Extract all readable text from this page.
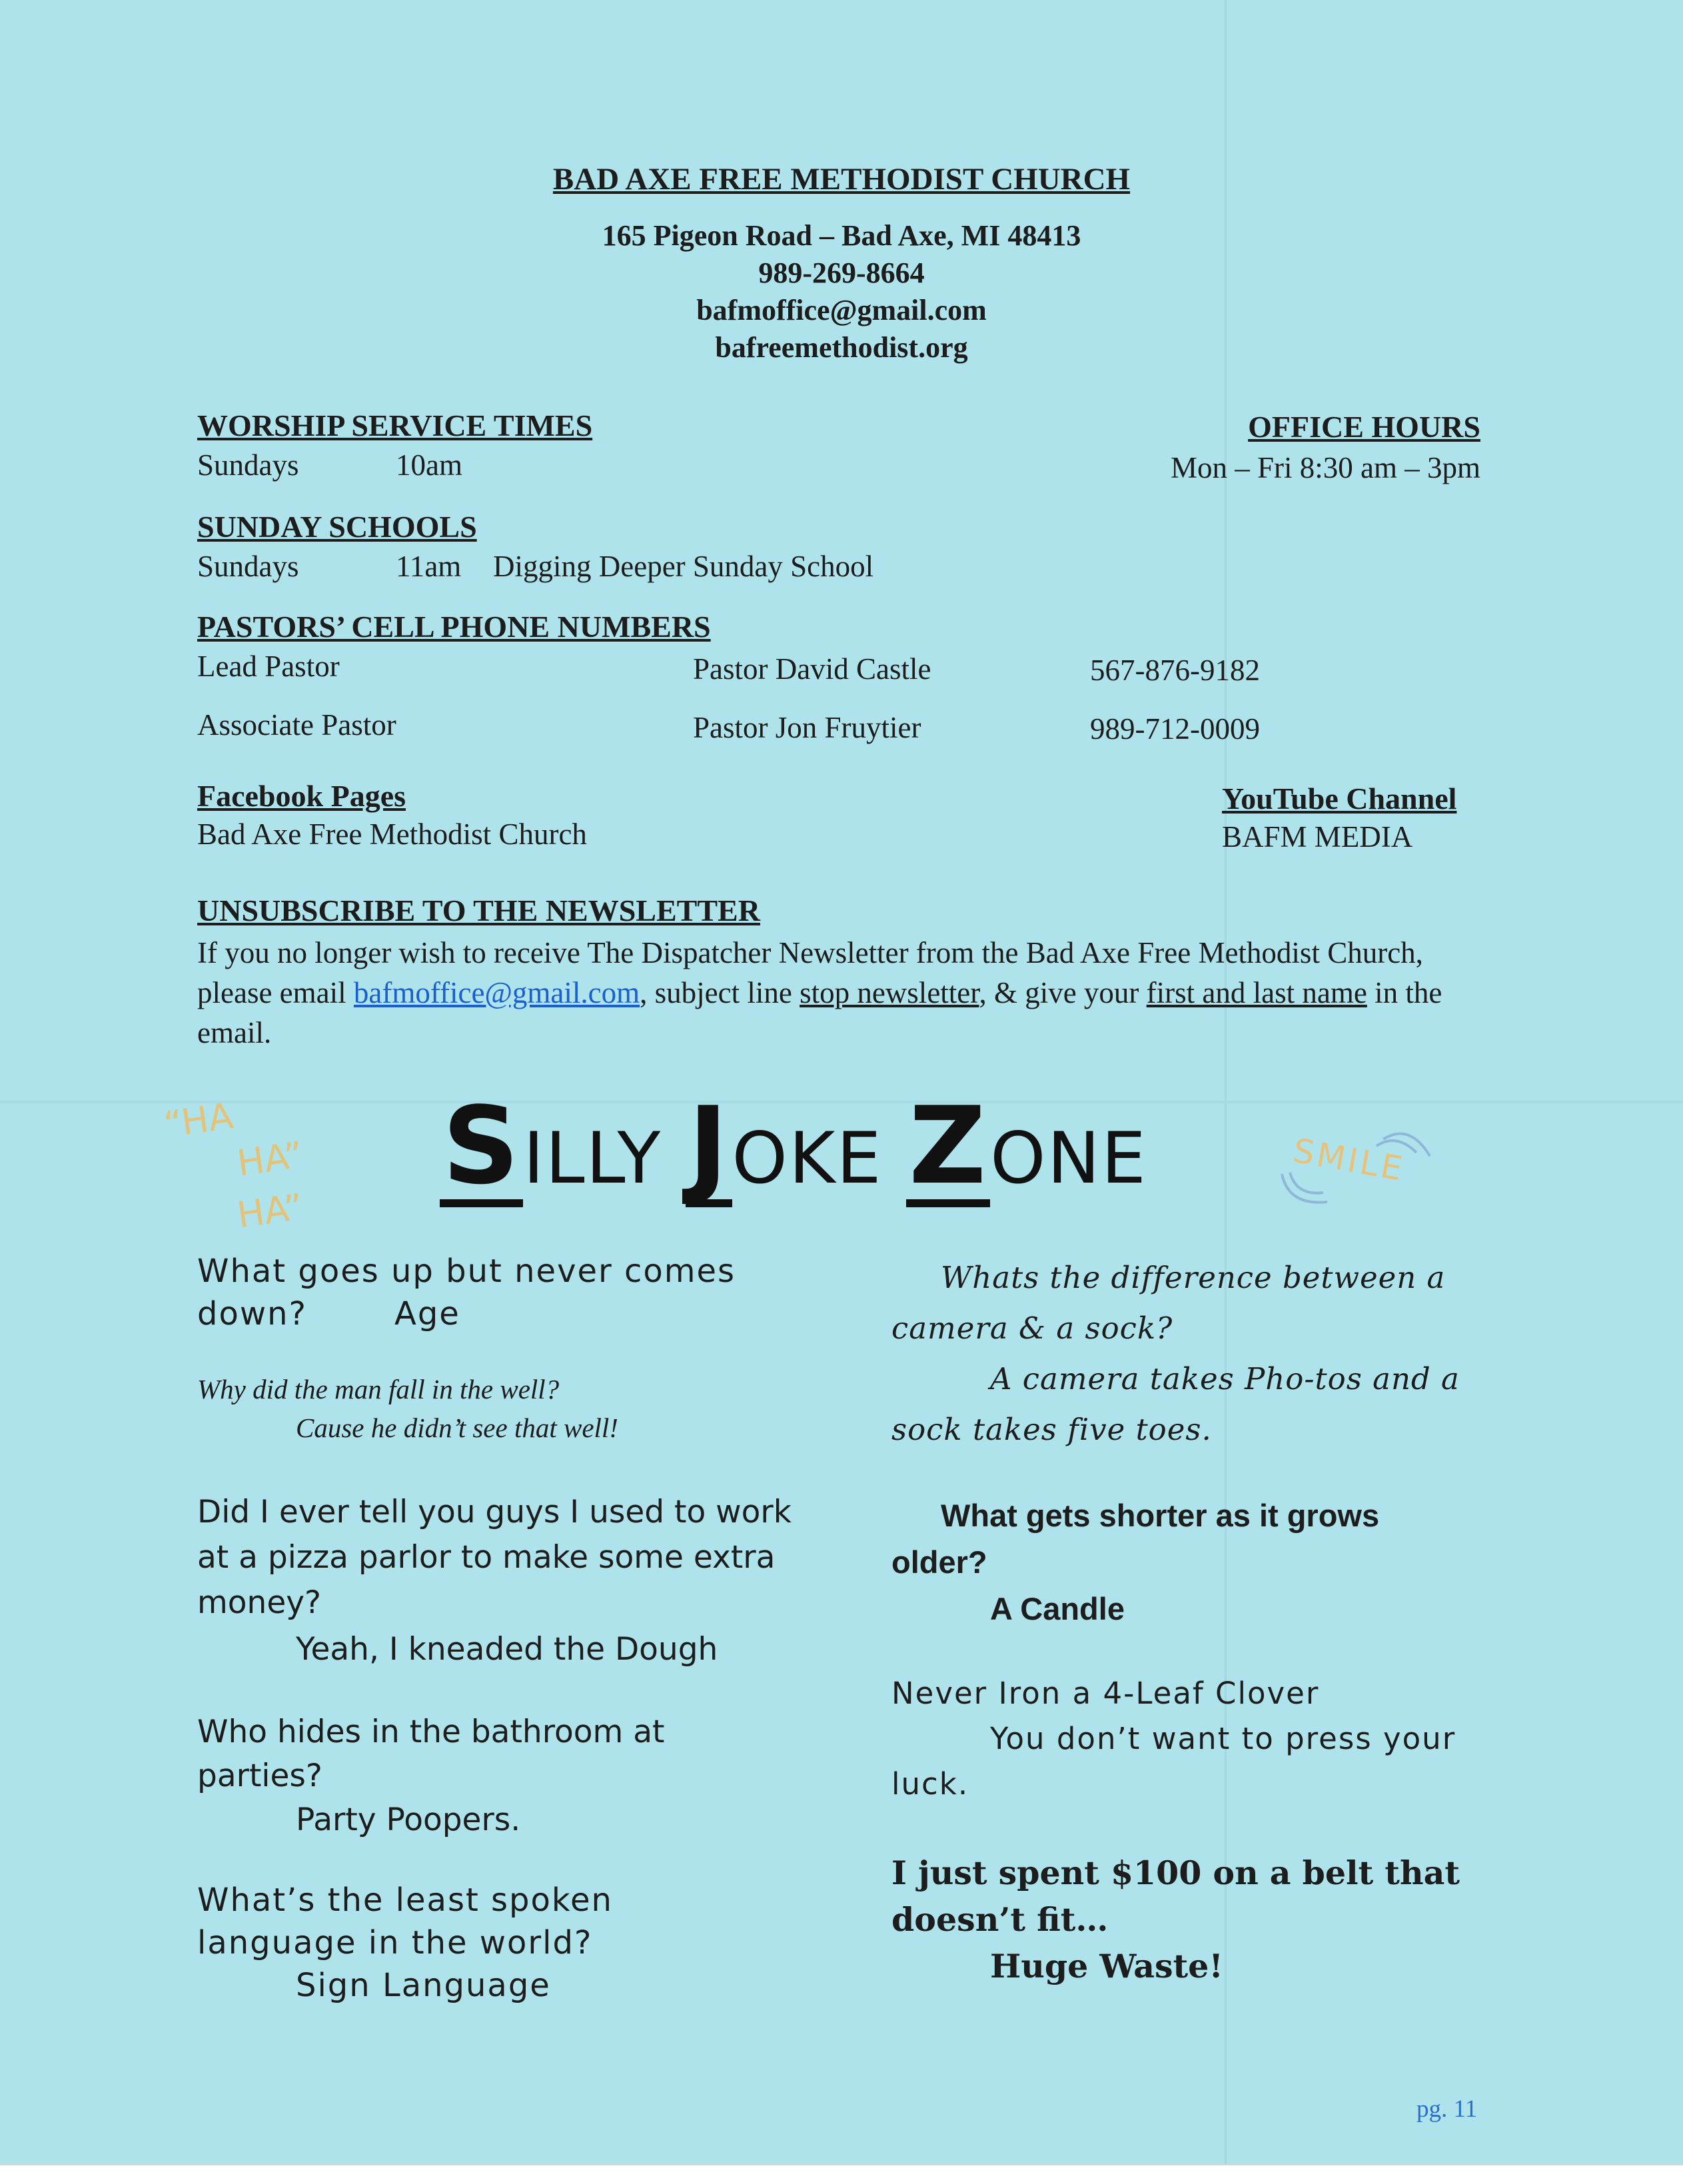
BAD AXE FREE METHODIST CHURCH
165 Pigeon Road – Bad Axe, MI 48413
989-269-8664
bafmoffice@gmail.com
bafreemethodist.org
WORSHIP SERVICE TIMES
Sundays	10am
OFFICE HOURS
Mon – Fri 8:30 am – 3pm
SUNDAY SCHOOLS
Sundays	11am Digging Deeper Sunday School
PASTORS’ CELL PHONE NUMBERS
Lead Pastor	Pastor David Castle	567-876-9182
Associate Pastor	Pastor Jon Fruytier	989-712-0009
Facebook Pages
Bad Axe Free Methodist Church
YouTube Channel
BAFM MEDIA
UNSUBSCRIBE TO THE NEWSLETTER
If you no longer wish to receive The Dispatcher Newsletter from the Bad Axe Free Methodist Church, please email bafmoffice@gmail.com, subject line stop newsletter, & give your first and last name in the email.
“HA
HA”
HA”
SMILE
SILLY JOKE ZONE
What goes up but never comes
down?	Age
Why did the man fall in the well?
Cause he didn’t see that well!
Did I ever tell you guys I used to work
at a pizza parlor to make some extra
money?
Yeah, I kneaded the Dough
Who hides in the bathroom at
parties?
Party Poopers.
What’s the least spoken
language in the world?
Sign Language
Whats the difference between a
camera & a sock?
A camera takes Pho-tos and a
sock takes five toes.
What gets shorter as it grows
older?
A Candle
Never Iron a 4-Leaf Clover
You don’t want to press your
luck.
I just spent $100 on a belt that
doesn’t fit…
Huge Waste!
pg. 11
